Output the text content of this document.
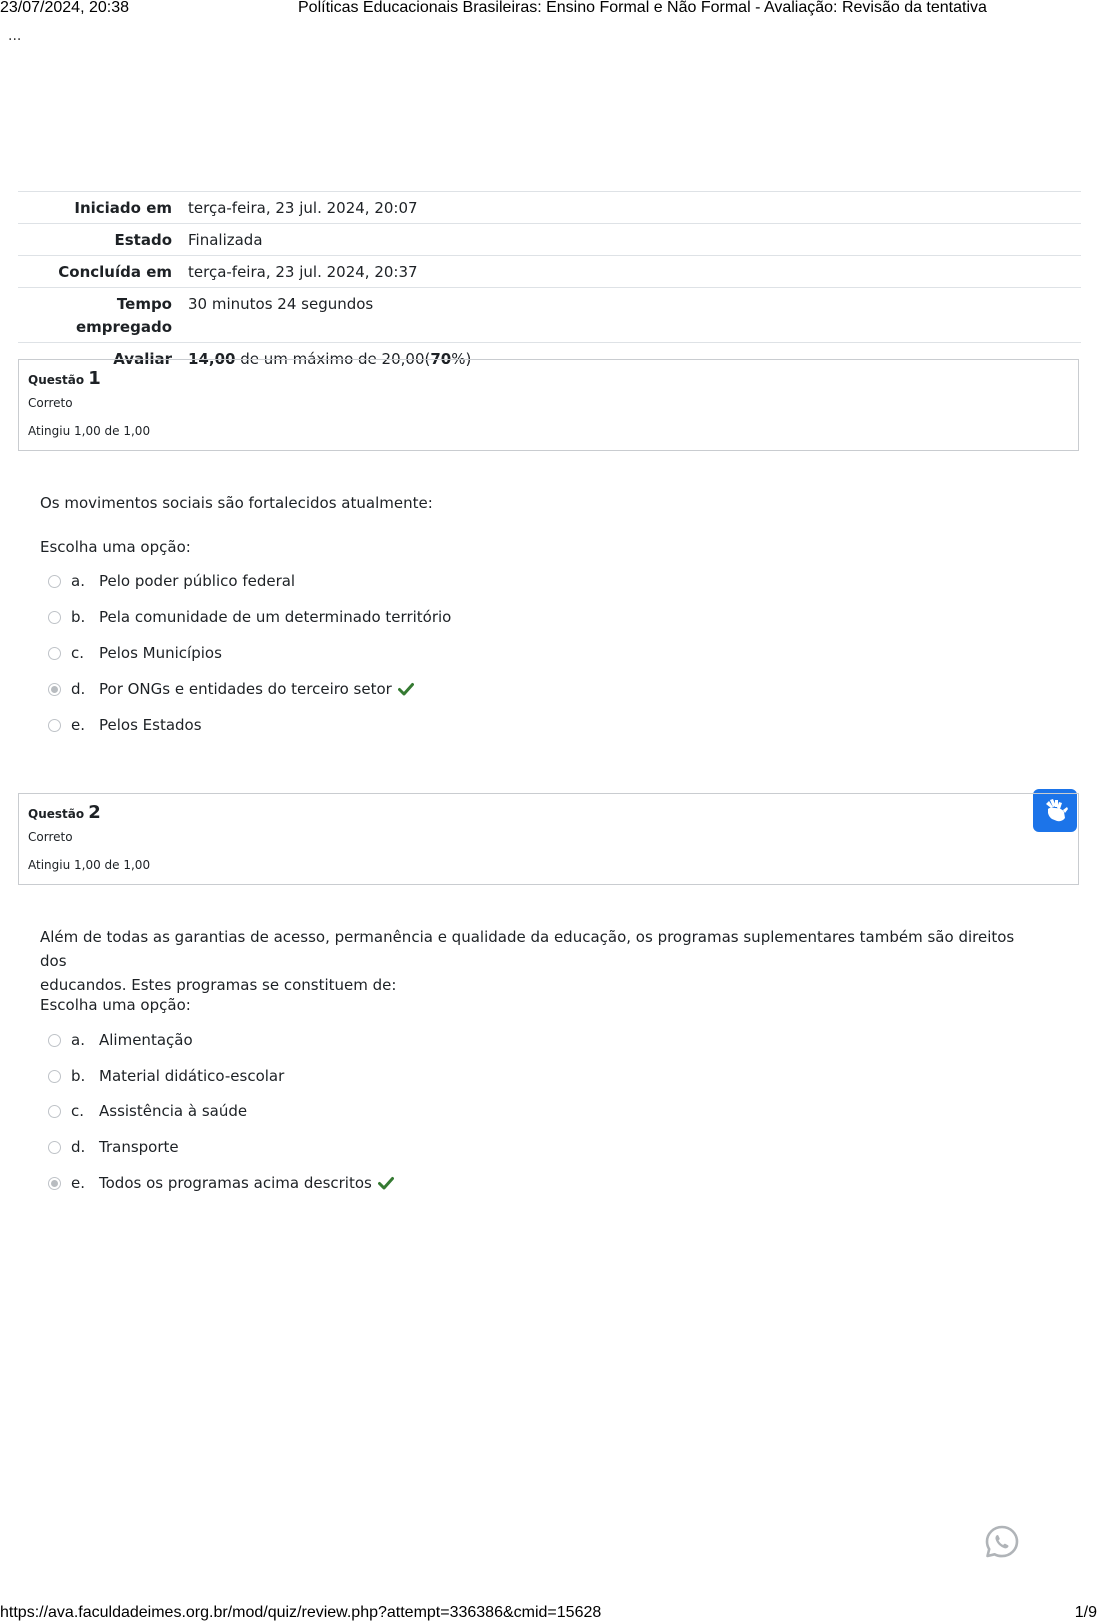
23/07/2024, 20:38	Políticas Educacionais Brasileiras: Ensino Formal e Não Formal - Avaliação: Revisão da tentativa
...
Iniciado em	terça-feira, 23 jul. 2024, 20:07
Estado	Finalizada
Concluída em	terça-feira, 23 jul. 2024, 20:37
Tempo
empregado	30 minutos 24 segundos
Avaliar	14,00 de um máximo de 20,00(70%)
Questão 1
Correto
Atingiu 1,00 de 1,00
Os movimentos sociais são fortalecidos atualmente:
Escolha uma opção:
a. Pelo poder público federal
b. Pela comunidade de um determinado território
c. Pelos Municípios
d. Por ONGs e entidades do terceiro setor
e. Pelos Estados
Questão 2
Correto
Atingiu 1,00 de 1,00
Além de todas as garantias de acesso, permanência e qualidade da educação, os programas suplementares também são direitos dos
educandos. Estes programas se constituem de:
Escolha uma opção:
a. Alimentação
b. Material didático-escolar
c. Assistência à saúde
d. Transporte
e. Todos os programas acima descritos
https://ava.faculdadeimes.org.br/mod/quiz/review.php?attempt=336386&cmid=15628	1/9
